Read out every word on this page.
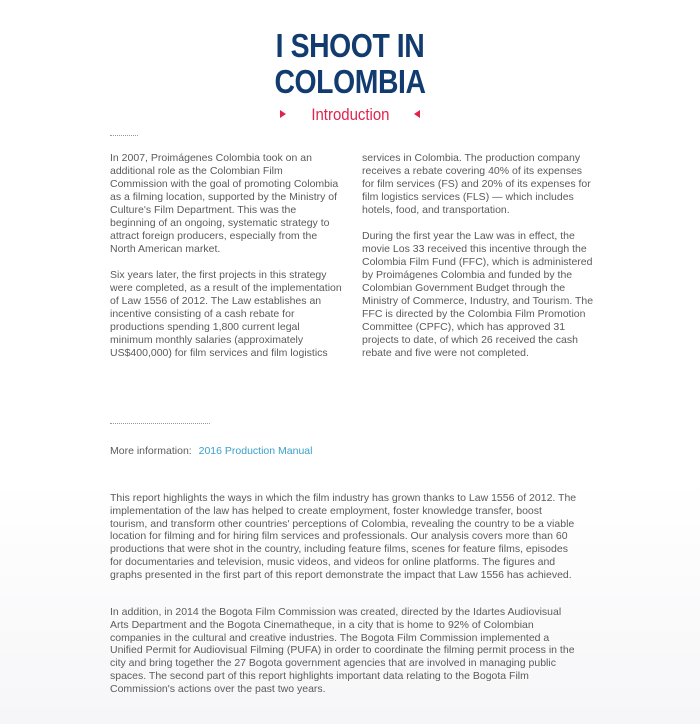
I SHOOT IN
COLOMBIA
Introduction

In 2007, Proimágenes Colombia took on an additional role as the Colombian Film Commission with the goal of promoting Colombia as a filming location, supported by the Ministry of Culture's Film Department. This was the beginning of an ongoing, systematic strategy to attract foreign producers, especially from the North American market.

Six years later, the first projects in this strategy were completed, as a result of the implementation of Law 1556 of 2012. The Law establishes an incentive consisting of a cash rebate for productions spending 1,800 current legal minimum monthly salaries (approximately US$400,000) for film services and film logistics

services in Colombia. The production company receives a rebate covering 40% of its expenses for film services (FS) and 20% of its expenses for film logistics services (FLS) — which includes hotels, food, and transportation.

During the first year the Law was in effect, the movie Los 33 received this incentive through the Colombia Film Fund (FFC), which is administered by Proimágenes Colombia and funded by the Colombian Government Budget through the Ministry of Commerce, Industry, and Tourism. The FFC is directed by the Colombia Film Promotion Committee (CPFC), which has approved 31 projects to date, of which 26 received the cash rebate and five were not completed.

More information: 2016 Production Manual

This report highlights the ways in which the film industry has grown thanks to Law 1556 of 2012. The implementation of the law has helped to create employment, foster knowledge transfer, boost tourism, and transform other countries' perceptions of Colombia, revealing the country to be a viable location for filming and for hiring film services and professionals. Our analysis covers more than 60 productions that were shot in the country, including feature films, scenes for feature films, episodes for documentaries and television, music videos, and videos for online platforms. The figures and graphs presented in the first part of this report demonstrate the impact that Law 1556 has achieved.

In addition, in 2014 the Bogota Film Commission was created, directed by the Idartes Audiovisual Arts Department and the Bogota Cinematheque, in a city that is home to 92% of Colombian companies in the cultural and creative industries. The Bogota Film Commission implemented a Unified Permit for Audiovisual Filming (PUFA) in order to coordinate the filming permit process in the city and bring together the 27 Bogota government agencies that are involved in managing public spaces. The second part of this report highlights important data relating to the Bogota Film Commission's actions over the past two years.
